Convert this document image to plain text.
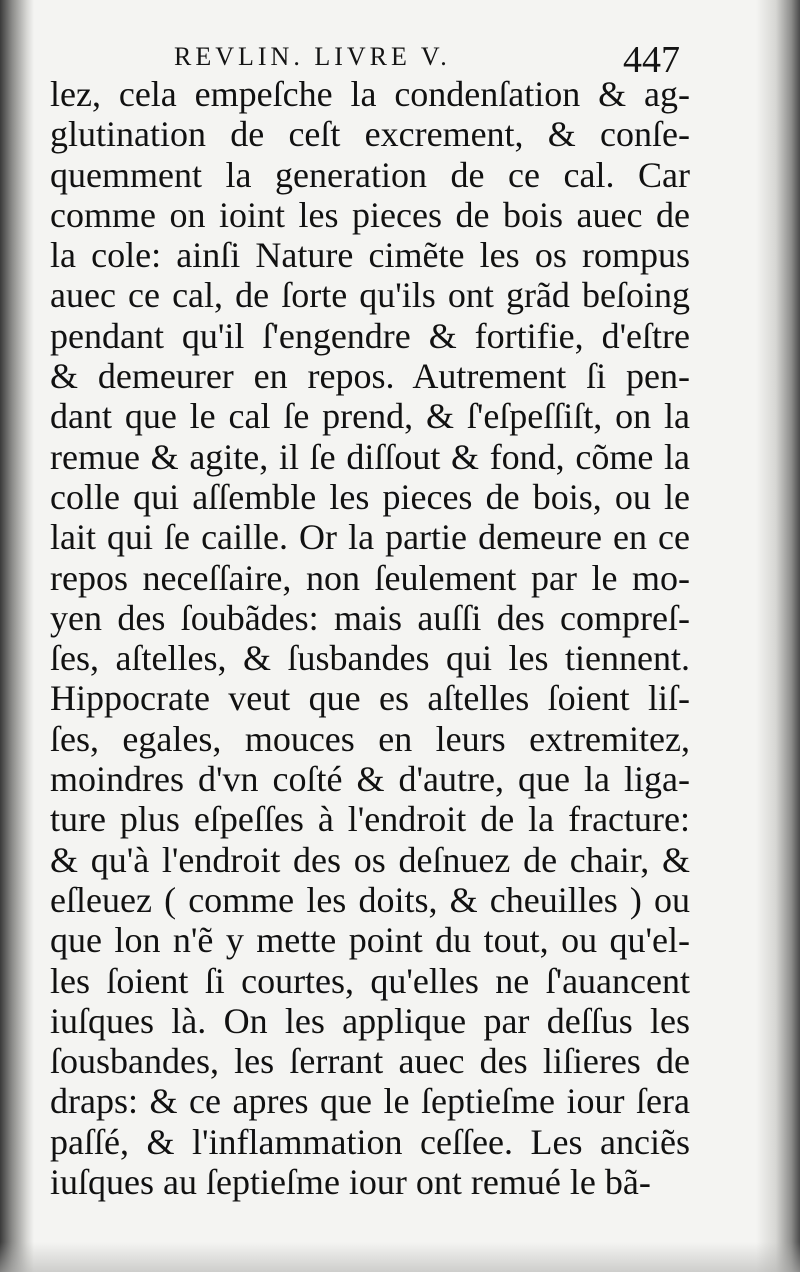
REVLIN. LIVRE V.	447
lez, cela empeſche la condenſation & ag-
glutination de ceſt excrement, & conſe-
quemment la generation de ce cal. Car
comme on ioint les pieces de bois auec de
la cole: ainſi Nature cimẽte les os rompus
auec ce cal, de ſorte qu'ils ont grãd beſoing
pendant qu'il ſ'engendre & fortifie, d'eſtre
& demeurer en repos. Autrement ſi pen-
dant que le cal ſe prend, & ſ'eſpeſſiſt, on la
remue & agite, il ſe diſſout & fond, cõme la
colle qui aſſemble les pieces de bois, ou le
lait qui ſe caille. Or la partie demeure en ce
repos neceſſaire, non ſeulement par le mo-
yen des ſoubãdes: mais auſſi des compreſ-
ſes, aſtelles, & ſusbandes qui les tiennent.
Hippocrate veut que es aſtelles ſoient liſ-
ſes, egales, mouces en leurs extremitez,
moindres d'vn coſté & d'autre, que la liga-
ture plus eſpeſſes à l'endroit de la fracture:
& qu'à l'endroit des os deſnuez de chair, &
eſleuez ( comme les doits, & cheuilles ) ou
que lon n'ẽ y mette point du tout, ou qu'el-
les ſoient ſi courtes, qu'elles ne ſ'auancent
iuſques là. On les applique par deſſus les
ſousbandes, les ſerrant auec des liſieres de
draps: & ce apres que le ſeptieſme iour ſera
paſſé, & l'inflammation ceſſee. Les anciẽs
iuſques au ſeptieſme iour ont remué le bã-
